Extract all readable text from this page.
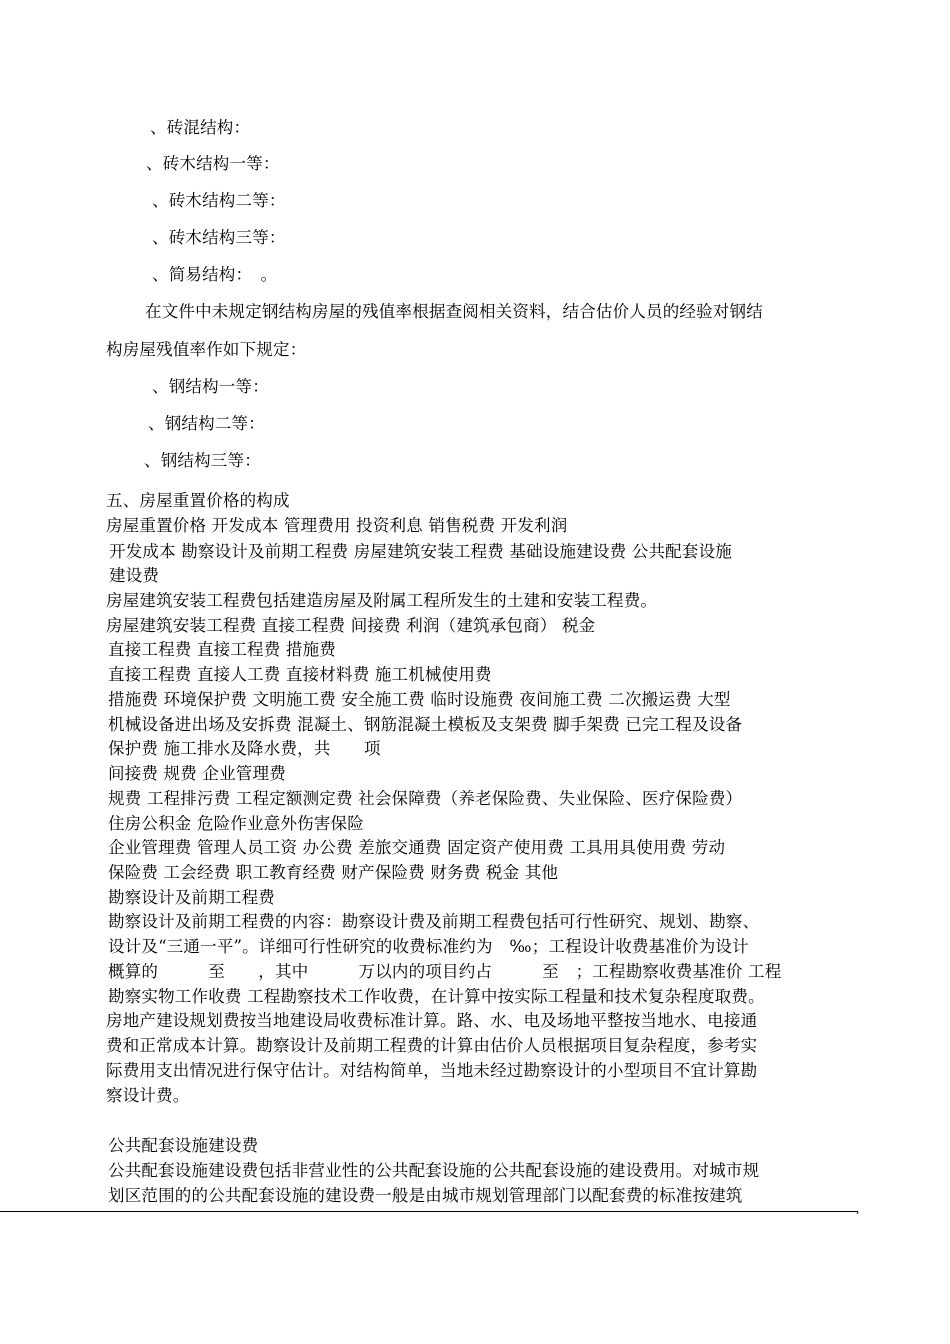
、砖混结构：
、砖木结构一等：
、砖木结构二等：
、砖木结构三等：
、简易结构：　。
在文件中未规定钢结构房屋的残值率根据查阅相关资料，结合估价人员的经验对钢结
构房屋残值率作如下规定：
、钢结构一等：
、钢结构二等：
、钢结构三等：
五、房屋重置价格的构成
房屋重置价格 开发成本 管理费用 投资利息 销售税费 开发利润
开发成本 勘察设计及前期工程费 房屋建筑安装工程费 基础设施建设费 公共配套设施
建设费
房屋建筑安装工程费包括建造房屋及附属工程所发生的土建和安装工程费。
房屋建筑安装工程费 直接工程费 间接费 利润（建筑承包商） 税金
直接工程费 直接工程费 措施费
直接工程费 直接人工费 直接材料费 施工机械使用费
措施费 环境保护费 文明施工费 安全施工费 临时设施费 夜间施工费 二次搬运费 大型
机械设备进出场及安拆费 混凝土、钢筋混凝土模板及支架费 脚手架费 已完工程及设备
保护费 施工排水及降水费，共　　项
间接费 规费 企业管理费
规费 工程排污费 工程定额测定费 社会保障费（养老保险费、失业保险、医疗保险费）
住房公积金 危险作业意外伤害保险
企业管理费 管理人员工资 办公费 差旅交通费 固定资产使用费 工具用具使用费 劳动
保险费 工会经费 职工教育经费 财产保险费 财务费 税金 其他
勘察设计及前期工程费
勘察设计及前期工程费的内容：勘察设计费及前期工程费包括可行性研究、规划、勘察、
设计及“三通一平”。详细可行性研究的收费标准约为　‰；工程设计收费基准价为设计
概算的　　　至　　，其中　　　万以内的项目约占　　　至　；工程勘察收费基准价 工程
勘察实物工作收费 工程勘察技术工作收费，在计算中按实际工程量和技术复杂程度取费。
房地产建设规划费按当地建设局收费标准计算。路、水、电及场地平整按当地水、电接通
费和正常成本计算。勘察设计及前期工程费的计算由估价人员根据项目复杂程度，参考实
际费用支出情况进行保守估计。对结构简单，当地未经过勘察设计的小型项目不宜计算勘
察设计费。
公共配套设施建设费
公共配套设施建设费包括非营业性的公共配套设施的公共配套设施的建设费用。对城市规
划区范围的的公共配套设施的建设费一般是由城市规划管理部门以配套费的标准按建筑
,
